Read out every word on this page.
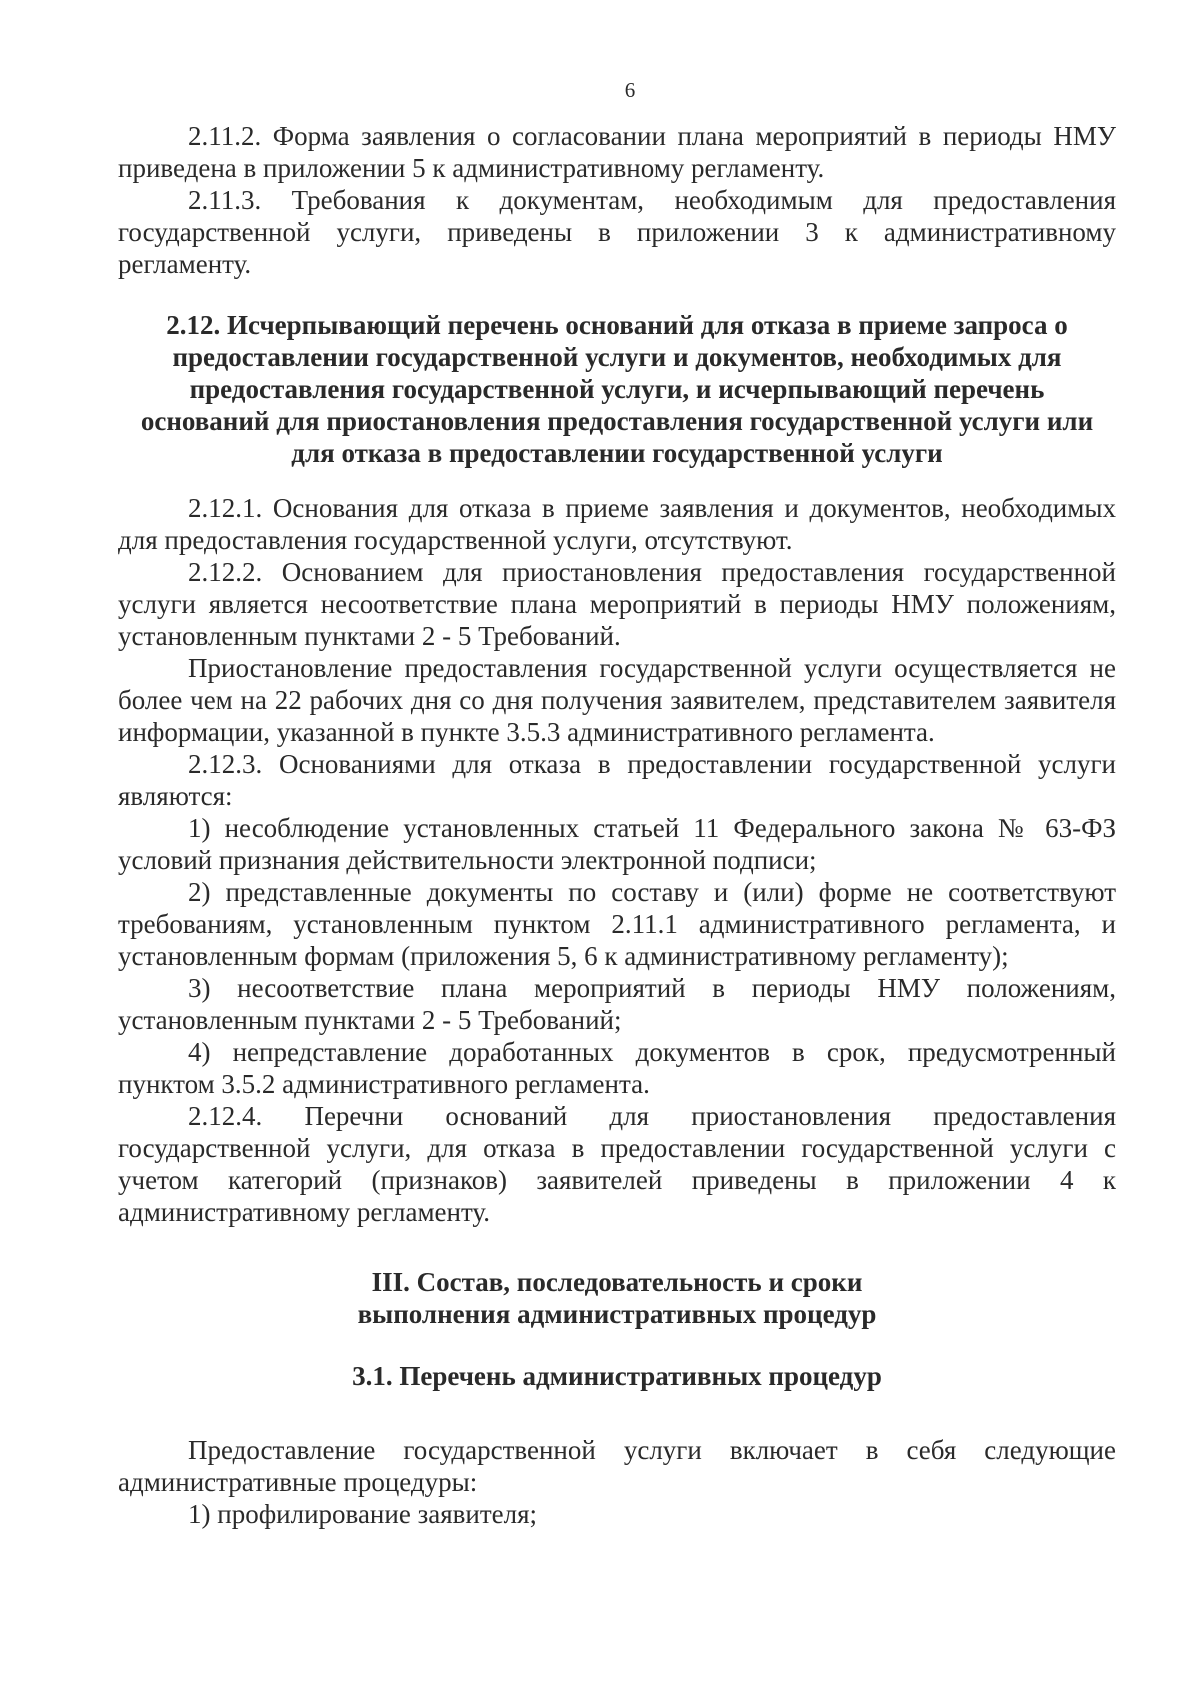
6

2.11.2. Форма заявления о согласовании плана мероприятий в периоды НМУ приведена в приложении 5 к административному регламенту.

2.11.3. Требования к документам, необходимым для предоставления государственной услуги, приведены в приложении 3 к административному регламенту.

2.12. Исчерпывающий перечень оснований для отказа в приеме запроса о предоставлении государственной услуги и документов, необходимых для предоставления государственной услуги, и исчерпывающий перечень оснований для приостановления предоставления государственной услуги или для отказа в предоставлении государственной услуги

2.12.1. Основания для отказа в приеме заявления и документов, необходимых для предоставления государственной услуги, отсутствуют.

2.12.2. Основанием для приостановления предоставления государственной услуги является несоответствие плана мероприятий в периоды НМУ положениям, установленным пунктами 2 - 5 Требований.

Приостановление предоставления государственной услуги осуществляется не более чем на 22 рабочих дня со дня получения заявителем, представителем заявителя информации, указанной в пункте 3.5.3 административного регламента.

2.12.3. Основаниями для отказа в предоставлении государственной услуги являются:

1) несоблюдение установленных статьей 11 Федерального закона № 63-ФЗ условий признания действительности электронной подписи;

2) представленные документы по составу и (или) форме не соответствуют требованиям, установленным пунктом 2.11.1 административного регламента, и установленным формам (приложения 5, 6 к административному регламенту);

3) несоответствие плана мероприятий в периоды НМУ положениям, установленным пунктами 2 - 5 Требований;

4) непредставление доработанных документов в срок, предусмотренный пунктом 3.5.2 административного регламента.

2.12.4. Перечни оснований для приостановления предоставления государственной услуги, для отказа в предоставлении государственной услуги с учетом категорий (признаков) заявителей приведены в приложении 4 к административному регламенту.

III. Состав, последовательность и сроки
выполнения административных процедур

3.1. Перечень административных процедур

Предоставление государственной услуги включает в себя следующие административные процедуры:

1) профилирование заявителя;
